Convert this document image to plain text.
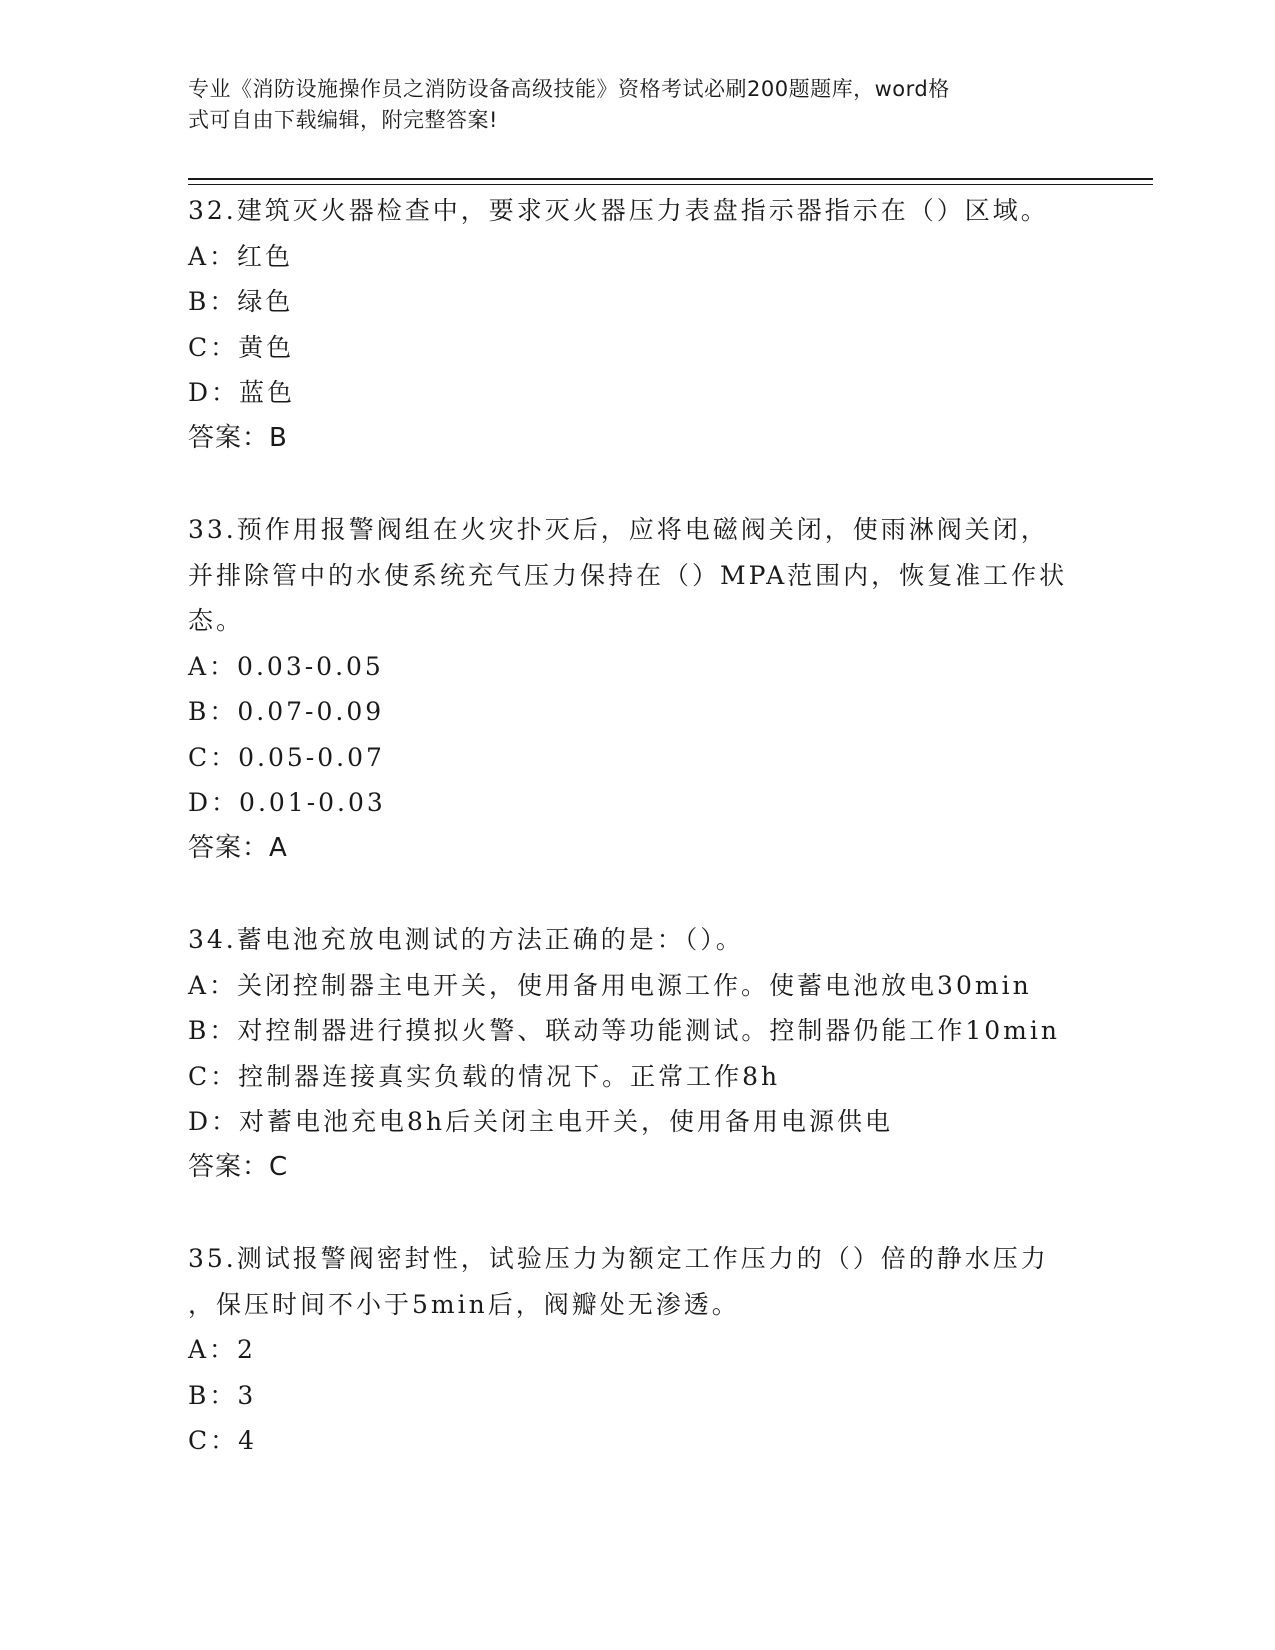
专业《消防设施操作员之消防设备高级技能》资格考试必刷200题题库，word格
式可自由下载编辑，附完整答案!
32.建筑灭火器检查中，要求灭火器压力表盘指示器指示在（）区域。
A：红色
B：绿色
C：黄色
D：蓝色
答案：B
33.预作用报警阀组在火灾扑灭后，应将电磁阀关闭，使雨淋阀关闭，
并排除管中的水使系统充气压力保持在（）MPA范围内，恢复准工作状
态。
A：0.03-0.05
B：0.07-0.09
C：0.05-0.07
D：0.01-0.03
答案：A
34.蓄电池充放电测试的方法正确的是：（）。
A：关闭控制器主电开关，使用备用电源工作。使蓄电池放电30min
B：对控制器进行摸拟火警、联动等功能测试。控制器仍能工作10min
C：控制器连接真实负载的情况下。正常工作8h
D：对蓄电池充电8h后关闭主电开关，使用备用电源供电
答案：C
35.测试报警阀密封性，试验压力为额定工作压力的（）倍的静水压力
，保压时间不小于5min后，阀瓣处无渗透。
A：2
B：3
C：4
